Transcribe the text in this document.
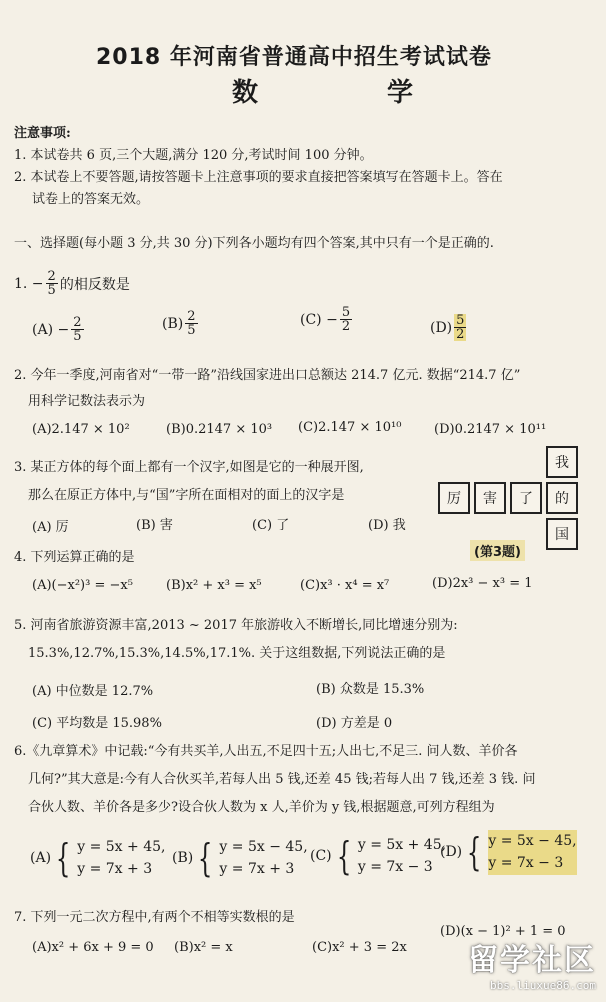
2018 年河南省普通高中招生考试试卷
数 学
注意事项:
1. 本试卷共 6 页,三个大题,满分 120 分,考试时间 100 分钟。
2. 本试卷上不要答题,请按答题卡上注意事项的要求直接把答案填写在答题卡上。答在
试卷上的答案无效。
一、选择题(每小题 3 分,共 30 分)下列各小题均有四个答案,其中只有一个是正确的.
1. − $\frac{2}{5}$ 的相反数是
$(A) - \frac{2}{5}$	$(B) \frac{2}{5}$	$(C) - \frac{5}{2}$	$(D) \frac{5}{2}$
2. 今年一季度,河南省对“一带一路”沿线国家进出口总额达 214.7 亿元. 数据“214.7 亿”
用科学记数法表示为
(A)2.147 × 10²	(B)0.2147 × 10³ (C)2.147 × 10¹⁰	(D)0.2147 × 10¹¹
3. 某正方体的每个面上都有一个汉字,如图是它的一种展开图,
那么在原正方体中,与“国”字所在面相对的面上的汉字是
(A) 厉	(B) 害	(C) 了	(D) 我
厉	害	了
我
的
国
(第3题)
4. 下列运算正确的是
(A)(−x²)³ = −x⁵	(B)x² + x³ = x⁵	(C)x³ · x⁴ = x⁷	(D)2x³ − x³ = 1
5. 河南省旅游资源丰富,2013 ~ 2017 年旅游收入不断增长,同比增速分别为:
15.3%,12.7%,15.3%,14.5%,17.1%. 关于这组数据,下列说法正确的是
(A) 中位数是 12.7%	(B) 众数是 15.3%
(C) 平均数是 15.98%	(D) 方差是 0
6.《九章算术》中记载:“今有共买羊,人出五,不足四十五;人出七,不足三. 问人数、羊价各
几何?”其大意是:今有人合伙买羊,若每人出 5 钱,还差 45 钱;若每人出 7 钱,还差 3 钱. 问
合伙人数、羊价各是多少?设合伙人数为 x 人,羊价为 y 钱,根据题意,可列方程组为
(A) { y = 5x + 45,
y = 7x + 3
(B) { y = 5x − 45,
y = 7x + 3
(C) { y = 5x + 45,
y = 7x − 3
(D) { y = 5x − 45,
y = 7x − 3
7. 下列一元二次方程中,有两个不相等实数根的是
(A)x² + 6x + 9 = 0 (B)x² = x	(C)x² + 3 = 2x
(D)(x − 1)² + 1 = 0
留学社区
bbs.liuxue86.com
